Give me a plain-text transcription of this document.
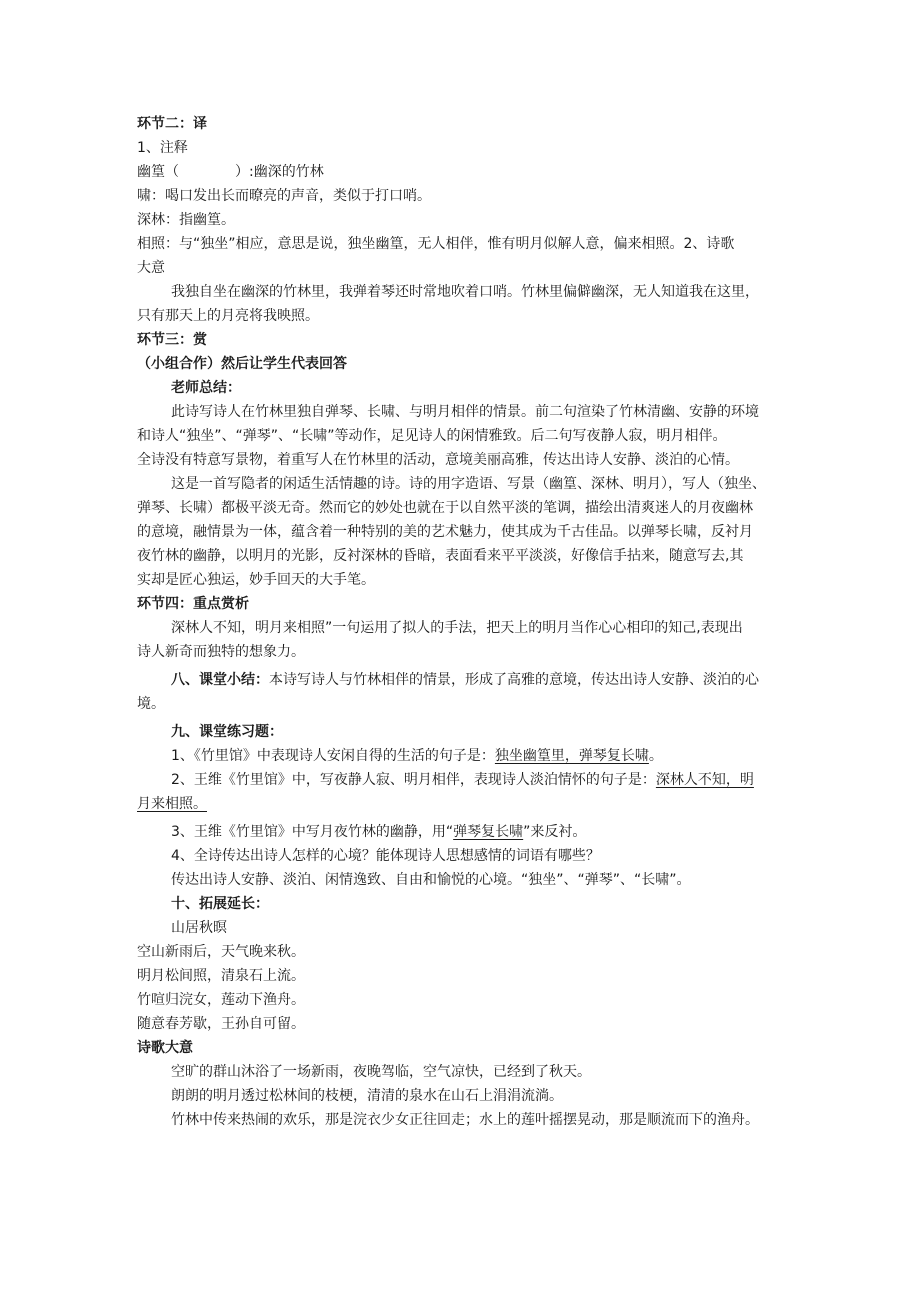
环节二：译
1、注释
幽篁（	）:幽深的竹林
啸：喝口发出长而暸亮的声音，类似于打口哨。
深林：指幽篁。
相照：与“独坐”相应，意思是说，独坐幽篁，无人相伴，惟有明月似解人意，偏来相照。2、诗歌
大意
我独自坐在幽深的竹林里，我弹着琴还时常地吹着口哨。竹林里偏僻幽深，无人知道我在这里，
只有那天上的月亮将我映照。
环节三：赏
（小组合作）然后让学生代表回答
老师总结：
此诗写诗人在竹林里独自弹琴、长啸、与明月相伴的情景。前二句渲染了竹林清幽、安静的环境
和诗人“独坐”、“弹琴”、“长啸”等动作，足见诗人的闲情雅致。后二句写夜静人寂，明月相伴。
全诗没有特意写景物，着重写人在竹林里的活动，意境美丽高雅，传达出诗人安静、淡泊的心情。
这是一首写隐者的闲适生活情趣的诗。诗的用字造语、写景（幽篁、深林、明月），写人（独坐、
弹琴、长啸）都极平淡无奇。然而它的妙处也就在于以自然平淡的笔调，描绘出清爽迷人的月夜幽林
的意境，融情景为一体，蕴含着一种特别的美的艺术魅力，使其成为千古佳品。以弹琴长啸，反衬月
夜竹林的幽静，以明月的光影，反衬深林的昏暗，表面看来平平淡淡，好像信手拈来，随意写去,其
实却是匠心独运，妙手回天的大手笔。
环节四：重点赏析
深林人不知，明月来相照”一句运用了拟人的手法，把天上的明月当作心心相印的知己,表现出
诗人新奇而独特的想象力。
八、课堂小结：本诗写诗人与竹林相伴的情景，形成了高雅的意境，传达出诗人安静、淡泊的心
境。
九、课堂练习题：
1、《竹里馆》中表现诗人安闲自得的生活的句子是：独坐幽篁里，弹琴复长啸。
2、王维《竹里馆》中，写夜静人寂、明月相伴，表现诗人淡泊情怀的句子是：深林人不知，明
月来相照。
3、王维《竹里馆》中写月夜竹林的幽静，用“弹琴复长啸”来反衬。
4、全诗传达出诗人怎样的心境？能体现诗人思想感情的词语有哪些？
传达出诗人安静、淡泊、闲情逸致、自由和愉悦的心境。“独坐”、“弹琴”、“长啸”。
十、拓展延长：
山居秋暝
空山新雨后，天气晚来秋。
明月松间照，清泉石上流。
竹喧归浣女，莲动下渔舟。
随意春芳歇，王孙自可留。
诗歌大意
空旷的群山沐浴了一场新雨，夜晚驾临，空气凉快，已经到了秋天。
朗朗的明月透过松林间的枝梗，清清的泉水在山石上涓涓流淌。
竹林中传来热闹的欢乐，那是浣衣少女正往回走；水上的莲叶摇摆晃动，那是顺流而下的渔舟。
